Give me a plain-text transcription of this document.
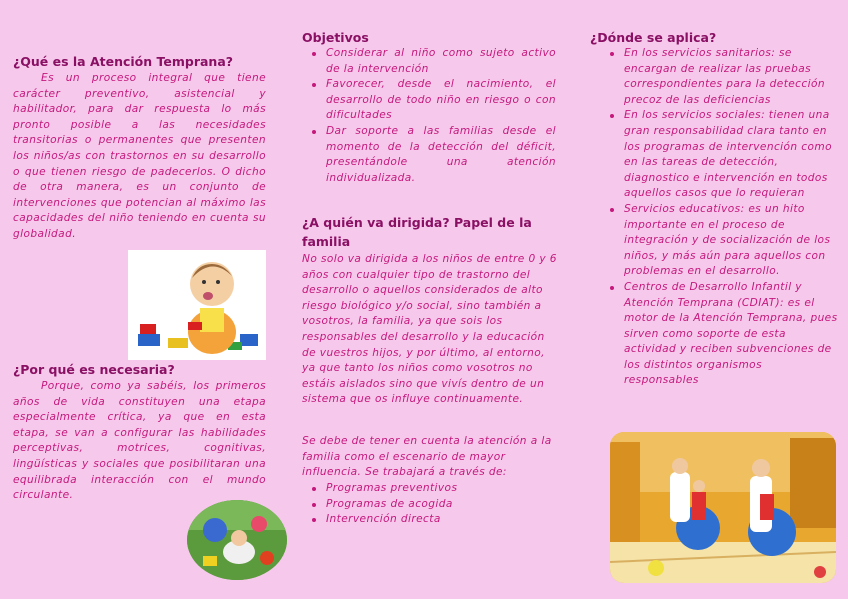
¿Qué es la Atención Temprana?

Es un proceso integral que tiene carácter preventivo, asistencial y habilitador, para dar respuesta lo más pronto posible a las necesidades transitorias o permanentes que presenten los niños/as con trastornos en su desarrollo o que tienen riesgo de padecerlos. O dicho de otra manera, es un conjunto de intervenciones que potencian al máximo las capacidades del niño teniendo en cuenta su globalidad.

¿Por qué es necesaria?

Porque, como ya sabéis, los primeros años de vida constituyen una etapa especialmente crítica, ya que en esta etapa, se van a configurar las habilidades perceptivas, motrices, cognitivas, lingüísticas y sociales que posibilitaran una equilibrada interacción con el mundo circulante.

Objetivos
Considerar al niño como sujeto activo de la intervención
Favorecer, desde el nacimiento, el desarrollo de todo niño en riesgo o con dificultades
Dar soporte a las familias desde el momento de la detección del déficit, presentándole una atención individualizada.
¿A quién va dirigida? Papel de la familia

No solo va dirigida a los niños de entre 0 y 6 años con cualquier tipo de trastorno del desarrollo o aquellos considerados de alto riesgo biológico y/o social, sino también a vosotros, la familia, ya que sois los responsables del desarrollo y la educación de vuestros hijos, y por último, al entorno, ya que tanto los niños como vosotros no estáis aislados sino que vivís dentro de un sistema que os influye continuamente.

Se debe de tener en cuenta la atención a la familia como el escenario de mayor influencia. Se trabajará a través de:

Programas preventivos
Programas de acogida
Intervención directa
¿Dónde se aplica?
En los servicios sanitarios: se encargan de realizar las pruebas correspondientes para la detección precoz de las deficiencias
En los servicios sociales: tienen una gran responsabilidad clara tanto en los programas de intervención como en las tareas de detección, diagnostico e intervención en todos aquellos casos que lo requieran
Servicios educativos: es un hito importante en el proceso de integración y de socialización de los niños, y más aún para aquellos con problemas en el desarrollo.
Centros de Desarrollo Infantil y Atención Temprana (CDIAT): es el motor de la Atención Temprana, pues sirven como soporte de esta actividad y reciben subvenciones de los distintos organismos responsables
